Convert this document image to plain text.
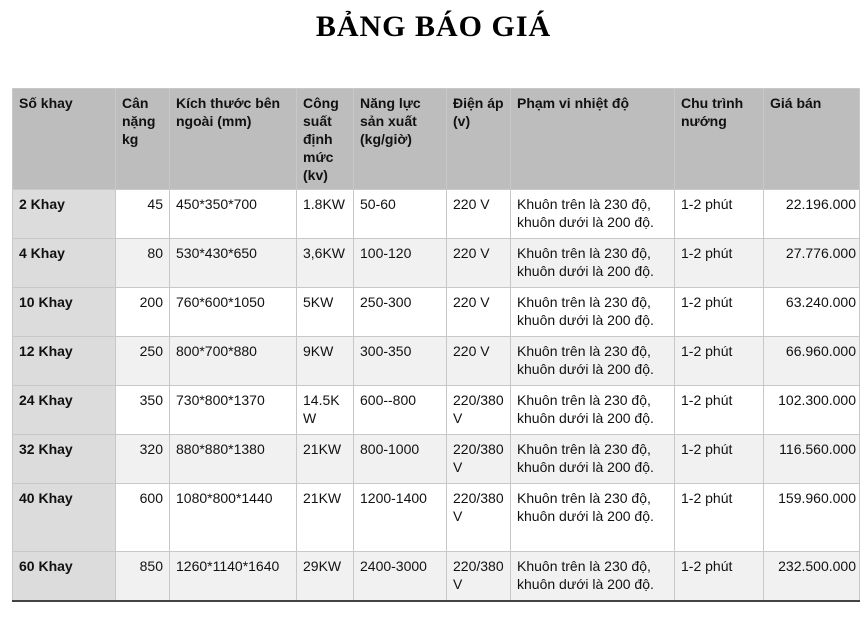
BẢNG BÁO GIÁ
Số khay	Cân nặng kg	Kích thước bên ngoài (mm)	Công suất định mức (kv)	Năng lực sản xuất (kg/giờ)	Điện áp (v)	Phạm vi nhiệt độ	Chu trình nướng	Giá bán
2 Khay	45	450*350*700	1.8KW	50-60	220 V	Khuôn trên là 230 độ, khuôn dưới là 200 độ.	1-2 phút	22.196.000
4 Khay	80	530*430*650	3,6KW	100-120	220 V	Khuôn trên là 230 độ, khuôn dưới là 200 độ.	1-2 phút	27.776.000
10 Khay	200	760*600*1050	5KW	250-300	220 V	Khuôn trên là 230 độ, khuôn dưới là 200 độ.	1-2 phút	63.240.000
12 Khay	250	800*700*880	9KW	300-350	220 V	Khuôn trên là 230 độ, khuôn dưới là 200 độ.	1-2 phút	66.960.000
24 Khay	350	730*800*1370	14.5KW	600--800	220/380V	Khuôn trên là 230 độ, khuôn dưới là 200 độ.	1-2 phút	102.300.000
32 Khay	320	880*880*1380	21KW	800-1000	220/380V	Khuôn trên là 230 độ, khuôn dưới là 200 độ.	1-2 phút	116.560.000
40 Khay	600	1080*800*1440	21KW	1200-1400	220/380V	Khuôn trên là 230 độ, khuôn dưới là 200 độ.	1-2 phút	159.960.000
60 Khay	850	1260*1140*1640	29KW	2400-3000	220/380V	Khuôn trên là 230 độ, khuôn dưới là 200 độ.	1-2 phút	232.500.000
